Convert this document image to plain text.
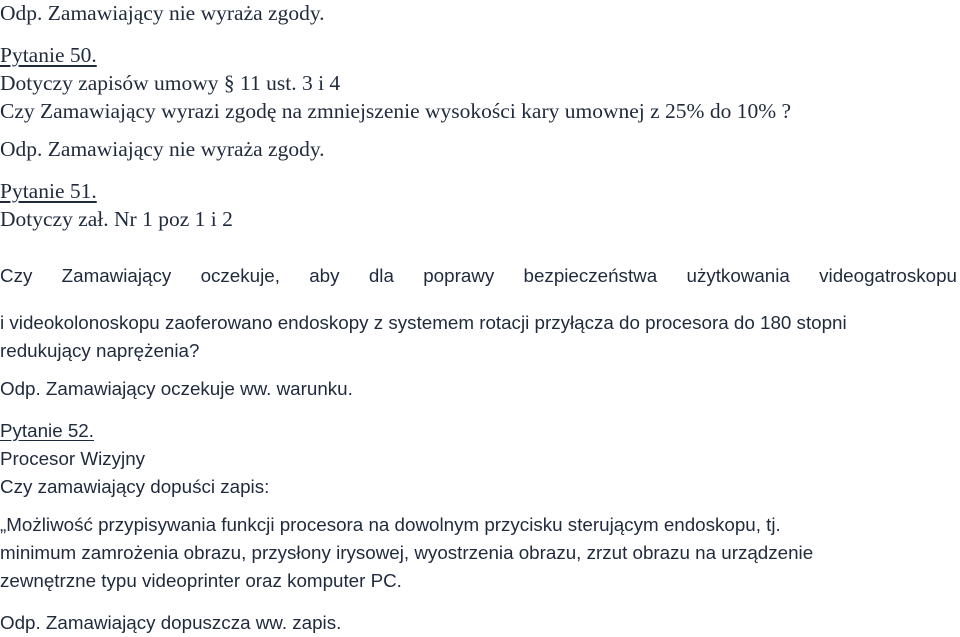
Odp. Zamawiający nie wyraża zgody.

Pytanie 50.

Dotyczy zapisów umowy § 11 ust. 3 i 4

Czy Zamawiający wyrazi zgodę na zmniejszenie wysokości kary umownej z 25% do 10% ?

Odp. Zamawiający nie wyraża zgody.

Pytanie 51.

Dotyczy zał. Nr 1 poz 1 i 2

Czy Zamawiający oczekuje, aby dla poprawy bezpieczeństwa użytkowania videogatroskopu

i videokolonoskopu zaoferowano endoskopy z systemem rotacji przyłącza do procesora do 180 stopni

redukujący naprężenia?

Odp. Zamawiający oczekuje ww. warunku.

Pytanie 52.

Procesor Wizyjny

Czy zamawiający dopuści zapis:

„Możliwość przypisywania funkcji procesora na dowolnym przycisku sterującym endoskopu, tj.

minimum zamrożenia obrazu, przysłony irysowej, wyostrzenia obrazu, zrzut obrazu na urządzenie

zewnętrzne typu videoprinter oraz komputer PC.

Odp. Zamawiający dopuszcza ww. zapis.
